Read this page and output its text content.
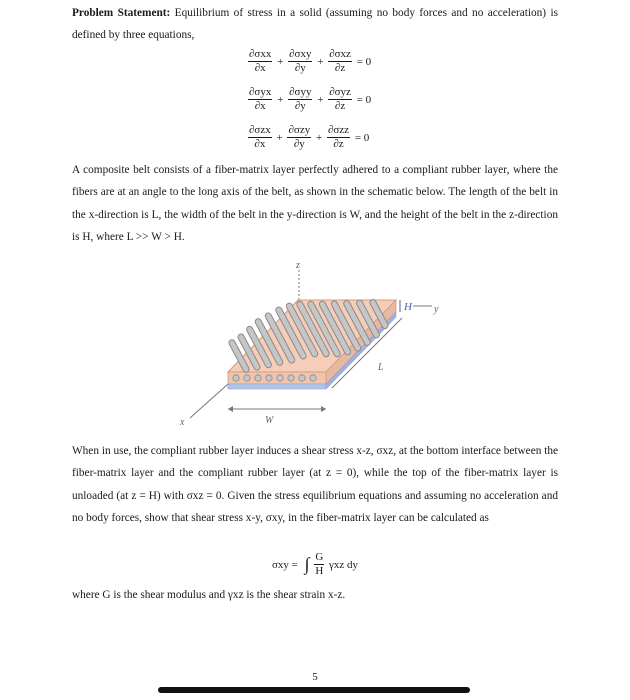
Problem Statement: Equilibrium of stress in a solid (assuming no body forces and no acceleration) is defined by three equations,

$\frac{\text{∂σxx}}{\partial x} + \frac{\text{∂σxy}}{\partial y} + \frac{\text{∂σxz}}{\partial z} = 0$
$\frac{\text{∂σyx}}{\partial x} + \frac{\text{∂σyy}}{\partial y} + \frac{\text{∂σyz}}{\partial z} = 0$
$\frac{\text{∂σzx}}{\partial x} + \frac{\text{∂σzy}}{\partial y} + \frac{\text{∂σzz}}{\partial z} = 0$

A composite belt consists of a fiber-matrix layer perfectly adhered to a compliant rubber layer, where the fibers are at an angle to the long axis of the belt, as shown in the schematic below. The length of the belt in the x-direction is L, the width of the belt in the y-direction is W, and the height of the belt in the z-direction is H, where L >> W > H.

z
H y
L
x	W

When in use, the compliant rubber layer induces a shear stress x-z, σxz, at the bottom interface between the fiber-matrix layer and the compliant rubber layer (at z = 0), while the top of the fiber-matrix layer is unloaded (at z = H) with σxz = 0. Given the stress equilibrium equations and assuming no acceleration and no body forces, show that shear stress x-y, σxy, in the fiber-matrix layer can be calculated as

σxy = ∫ $\frac{G}{H}$ γxz dy

where G is the shear modulus and γxz is the shear strain x-z.

5
